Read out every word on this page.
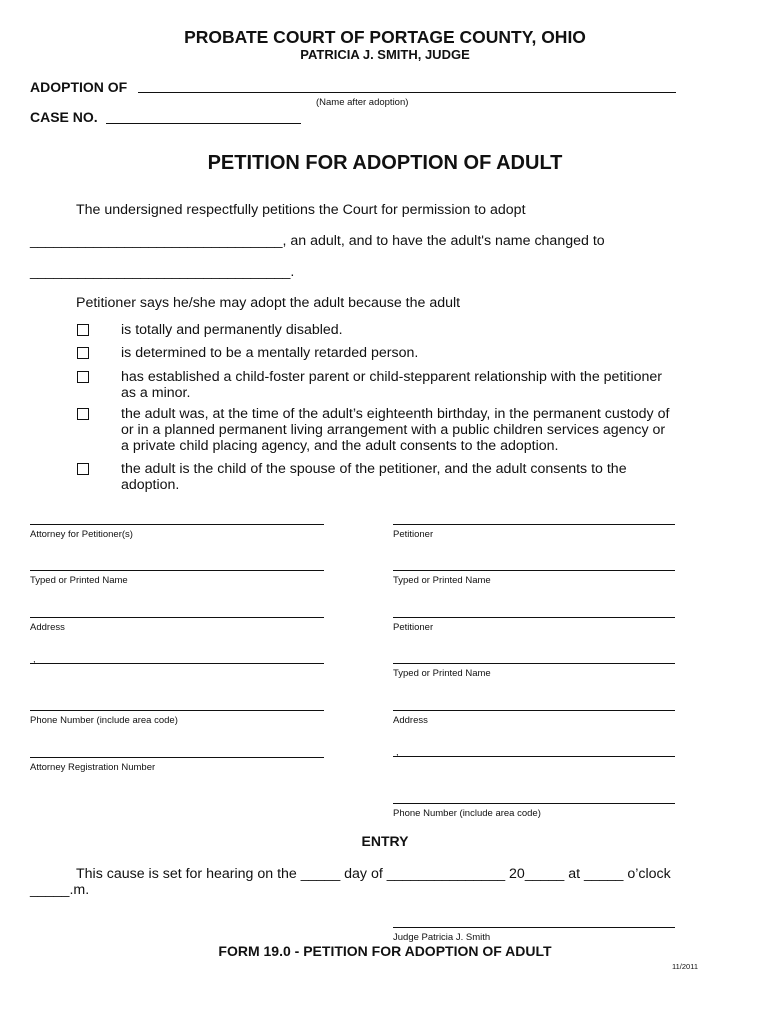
PROBATE COURT OF PORTAGE COUNTY, OHIO
PATRICIA J. SMITH, JUDGE
ADOPTION OF
(Name after adoption)
CASE NO.
PETITION FOR ADOPTION OF ADULT
The undersigned respectfully petitions the Court for permission to adopt
________________________________, an adult, and to have the adult's name changed to
_________________________________.
Petitioner says he/she may adopt the adult because the adult
is totally and permanently disabled.
is determined to be a mentally retarded person.
has established a child-foster parent or child-stepparent relationship with the petitioner
as a minor.
the adult was, at the time of the adult’s eighteenth birthday, in the permanent custody of
or in a planned permanent living arrangement with a public children services agency or
a private child placing agency, and the adult consents to the adoption.
the adult is the child of the spouse of the petitioner, and the adult consents to the
adoption.
Attorney for Petitioner(s)
Typed or Printed Name
Address
,
Phone Number (include area code)
Attorney Registration Number
Petitioner
Typed or Printed Name
Petitioner
Typed or Printed Name
Address
,
Phone Number (include area code)
ENTRY
This cause is set for hearing on the _____ day of _______________ 20_____ at _____ o’clock
_____.m.
Judge Patricia J. Smith
FORM 19.0 - PETITION FOR ADOPTION OF ADULT
11/2011
